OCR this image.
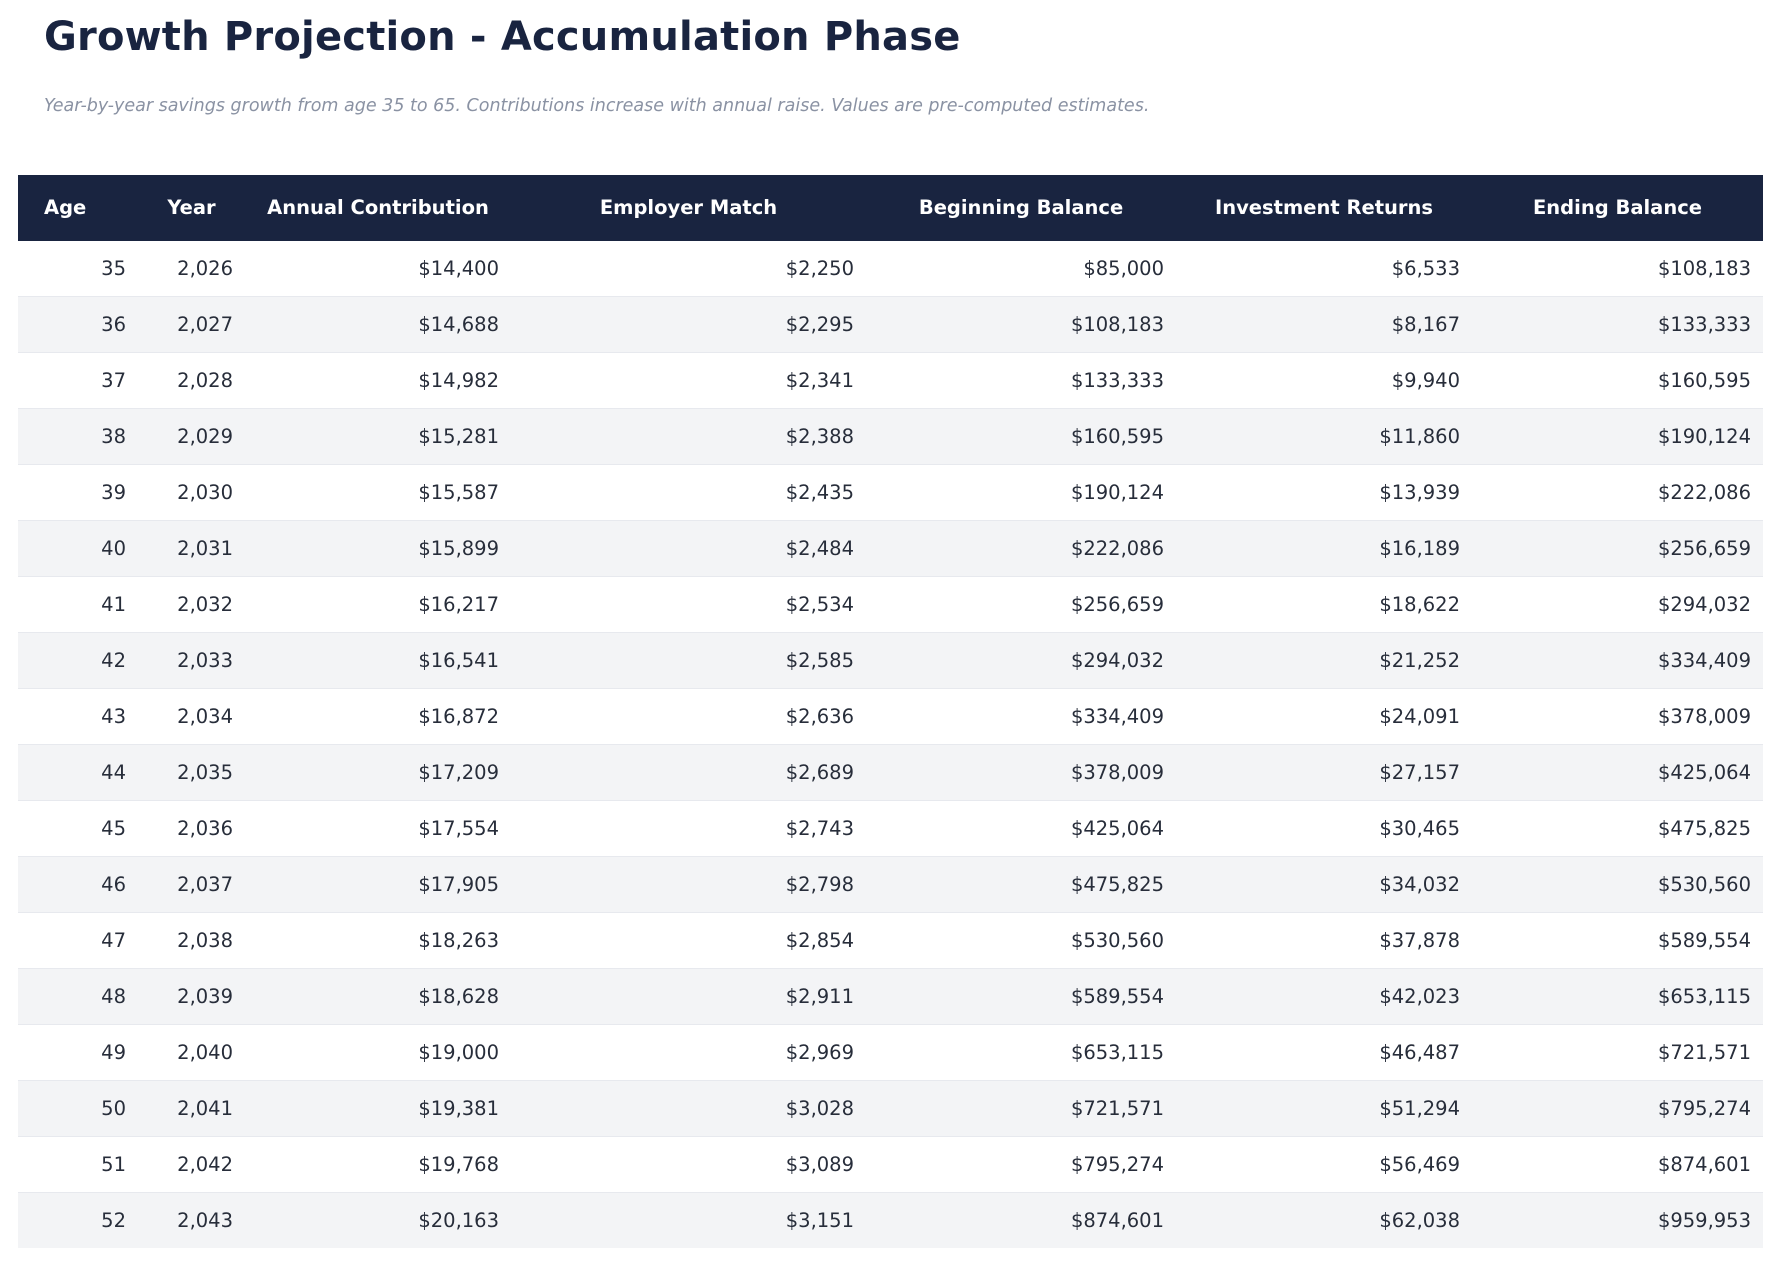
Growth Projection - Accumulation Phase

Year-by-year savings growth from age 35 to 65. Contributions increase with annual raise. Values are pre-computed estimates.

Age	Year	Annual Contribution	Employer Match	Beginning Balance	Investment Returns	Ending Balance
35	2,026	$14,400	$2,250	$85,000	$6,533	$108,183
36	2,027	$14,688	$2,295	$108,183	$8,167	$133,333
37	2,028	$14,982	$2,341	$133,333	$9,940	$160,595
38	2,029	$15,281	$2,388	$160,595	$11,860	$190,124
39	2,030	$15,587	$2,435	$190,124	$13,939	$222,086
40	2,031	$15,899	$2,484	$222,086	$16,189	$256,659
41	2,032	$16,217	$2,534	$256,659	$18,622	$294,032
42	2,033	$16,541	$2,585	$294,032	$21,252	$334,409
43	2,034	$16,872	$2,636	$334,409	$24,091	$378,009
44	2,035	$17,209	$2,689	$378,009	$27,157	$425,064
45	2,036	$17,554	$2,743	$425,064	$30,465	$475,825
46	2,037	$17,905	$2,798	$475,825	$34,032	$530,560
47	2,038	$18,263	$2,854	$530,560	$37,878	$589,554
48	2,039	$18,628	$2,911	$589,554	$42,023	$653,115
49	2,040	$19,000	$2,969	$653,115	$46,487	$721,571
50	2,041	$19,381	$3,028	$721,571	$51,294	$795,274
51	2,042	$19,768	$3,089	$795,274	$56,469	$874,601
52	2,043	$20,163	$3,151	$874,601	$62,038	$959,953
